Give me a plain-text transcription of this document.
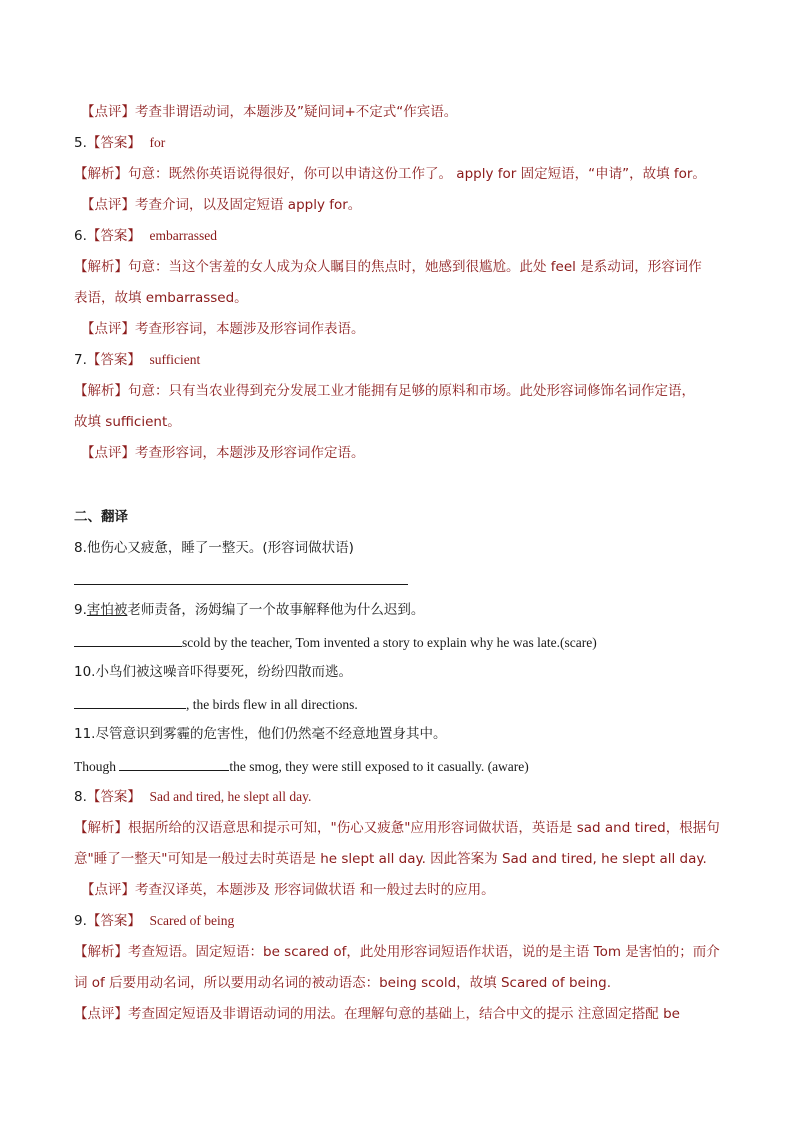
【点评】考查非谓语动词，本题涉及”疑问词+不定式“作宾语。
5.【答案】 for
【解析】句意：既然你英语说得很好，你可以申请这份工作了。 apply for 固定短语，“申请”，故填 for。
【点评】考查介词，以及固定短语 apply for。
6.【答案】 embarrassed
【解析】句意：当这个害羞的女人成为众人瞩目的焦点时，她感到很尴尬。此处 feel 是系动词，形容词作
表语，故填 embarrassed。
【点评】考查形容词，本题涉及形容词作表语。
7.【答案】 sufficient
【解析】句意：只有当农业得到充分发展工业才能拥有足够的原料和市场。此处形容词修饰名词作定语，
故填 sufficient。
【点评】考查形容词，本题涉及形容词作定语。
二、翻译
8.他伤心又疲惫，睡了一整天。(形容词做状语)
9.害怕被老师责备，汤姆编了一个故事解释他为什么迟到。
scold by the teacher, Tom invented a story to explain why he was late.(scare)
10.小鸟们被这噪音吓得要死，纷纷四散而逃。
, the birds flew in all directions.
11.尽管意识到雾霾的危害性，他们仍然毫不经意地置身其中。
Though	the smog, they were still exposed to it casually. (aware)
8.【答案】 Sad and tired, he slept all day.
【解析】根据所给的汉语意思和提示可知，"伤心又疲惫"应用形容词做状语，英语是 sad and tired，根据句
意"睡了一整天"可知是一般过去时英语是 he slept all day. 因此答案为 Sad and tired, he slept all day.
【点评】考查汉译英，本题涉及 形容词做状语 和一般过去时的应用。
9.【答案】 Scared of being
【解析】考查短语。固定短语：be scared of，此处用形容词短语作状语，说的是主语 Tom 是害怕的；而介
词 of 后要用动名词，所以要用动名词的被动语态：being scold，故填 Scared of being.
【点评】考查固定短语及非谓语动词的用法。在理解句意的基础上，结合中文的提示 注意固定搭配 be
